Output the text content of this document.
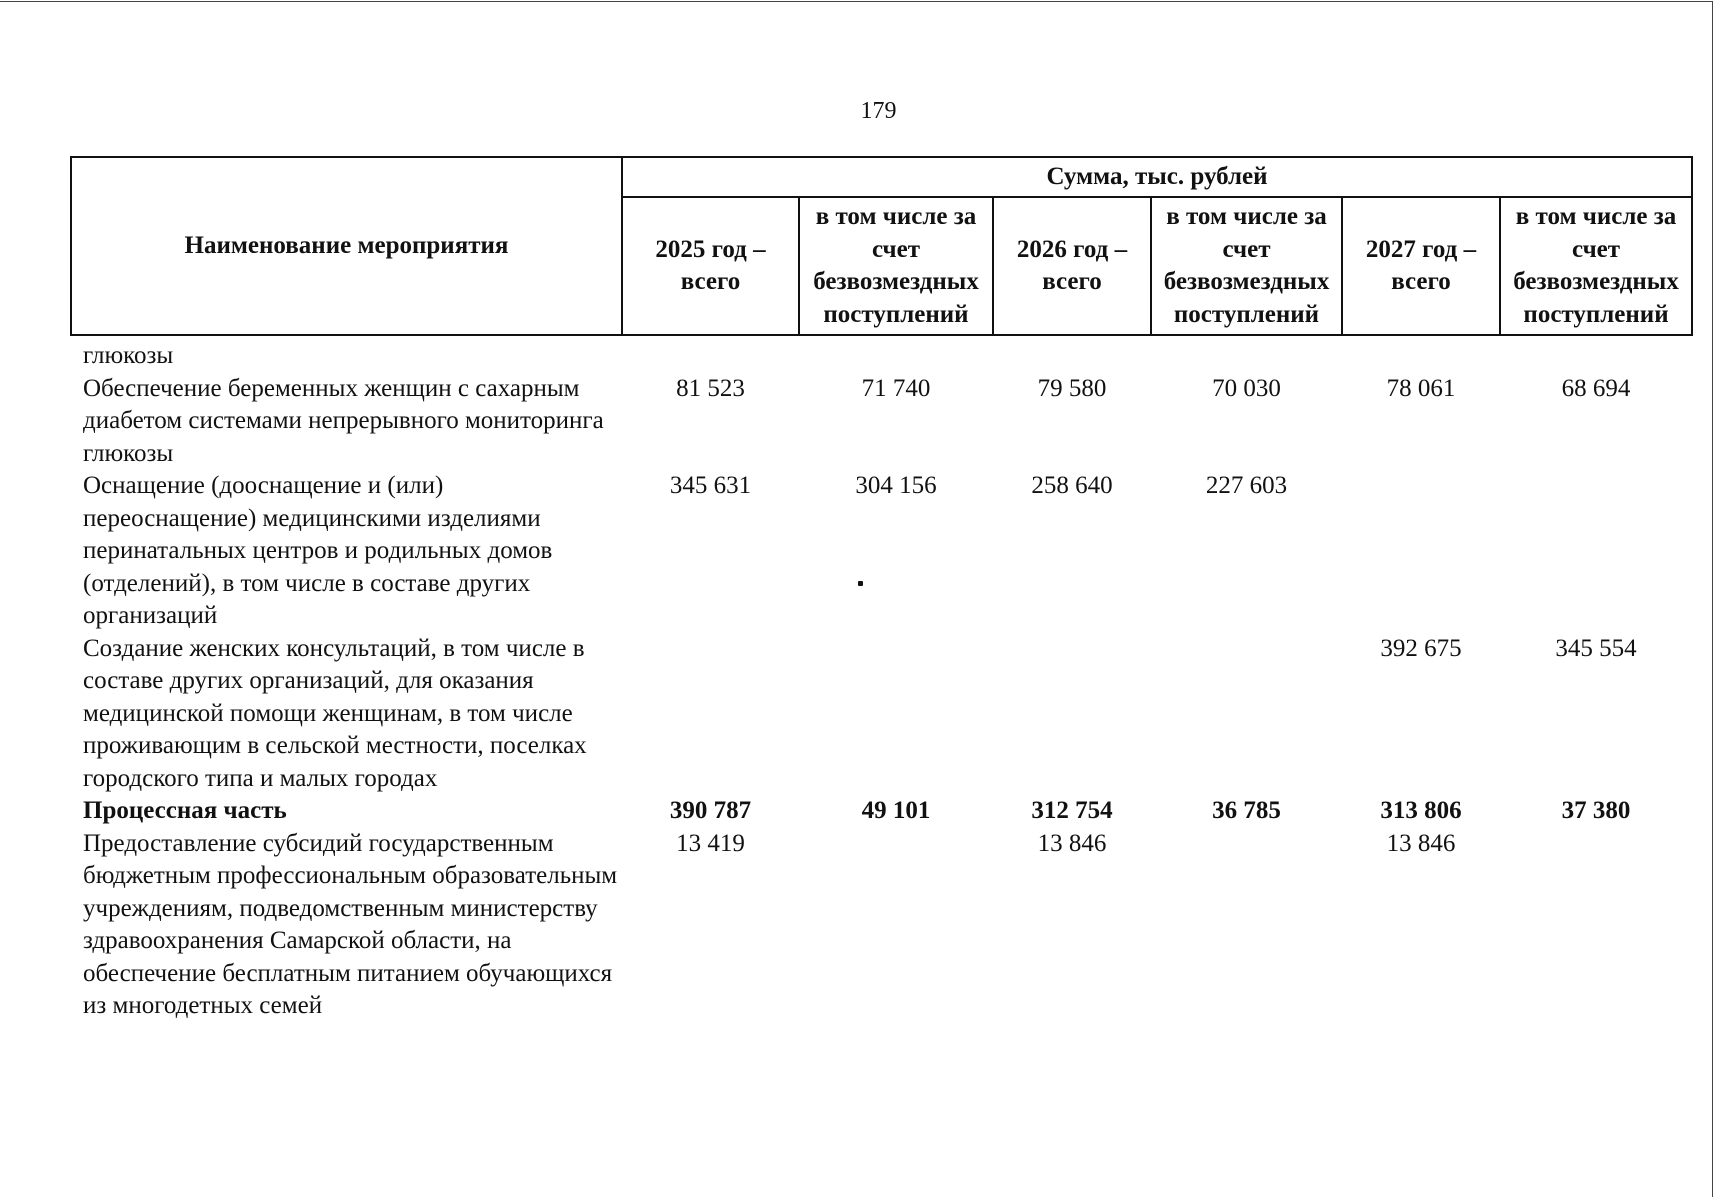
179
Наименование мероприятия	Сумма, тыс. рублей					
	2025 год – всего	в том числе за счет безвозмездных поступлений	2026 год – всего	в том числе за счет безвозмездных поступлений	2027 год – всего	в том числе за счет безвозмездных поступлений
глюкозы						
Обеспечение беременных женщин с сахарным диабетом системами непрерывного мониторинга глюкозы	81 523	71 740	79 580	70 030	78 061	68 694
Оснащение (дооснащение и (или) переоснащение) медицинскими изделиями перинатальных центров и родильных домов (отделений), в том числе в составе других организаций	345 631	304 156	258 640	227 603		
Создание женских консультаций, в том числе в составе других организаций, для оказания медицинской помощи женщинам, в том числе проживающим в сельской местности, поселках городского типа и малых городах					392 675	345 554
Процессная часть	390 787	49 101	312 754	36 785	313 806	37 380
Предоставление субсидий государственным бюджетным профессиональным образовательным учреждениям, подведомственным министерству здравоохранения Самарской области, на обеспечение бесплатным питанием обучающихся из многодетных семей	13 419		13 846		13 846	
